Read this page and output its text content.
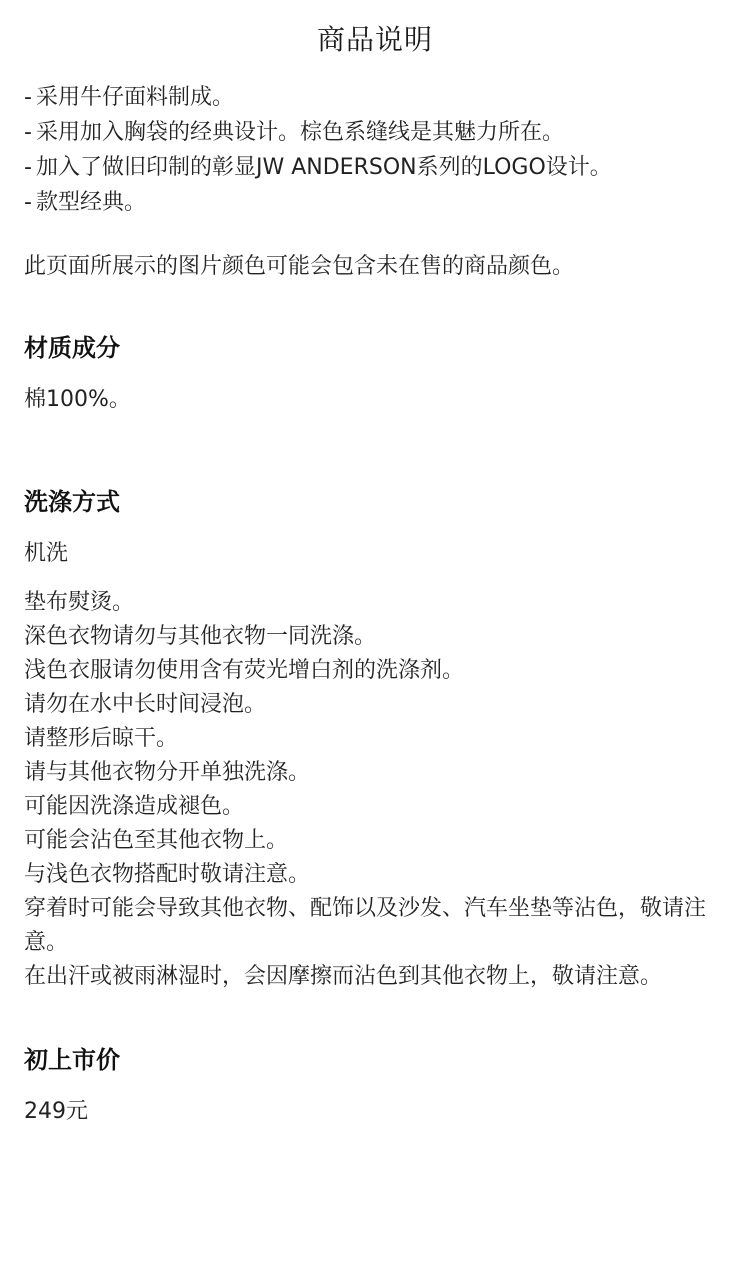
商品说明
- 采用牛仔面料制成。
- 采用加入胸袋的经典设计。棕色系缝线是其魅力所在。
- 加入了做旧印制的彰显JW ANDERSON系列的LOGO设计。
- 款型经典。
此页面所展示的图片颜色可能会包含未在售的商品颜色。
材质成分
棉100%。
洗涤方式
机洗
垫布熨烫。
深色衣物请勿与其他衣物一同洗涤。
浅色衣服请勿使用含有荧光增白剂的洗涤剂。
请勿在水中长时间浸泡。
请整形后晾干。
请与其他衣物分开单独洗涤。
可能因洗涤造成褪色。
可能会沾色至其他衣物上。
与浅色衣物搭配时敬请注意。
穿着时可能会导致其他衣物、配饰以及沙发、汽车坐垫等沾色，敬请注意。
在出汗或被雨淋湿时，会因摩擦而沾色到其他衣物上，敬请注意。
初上市价
249元
